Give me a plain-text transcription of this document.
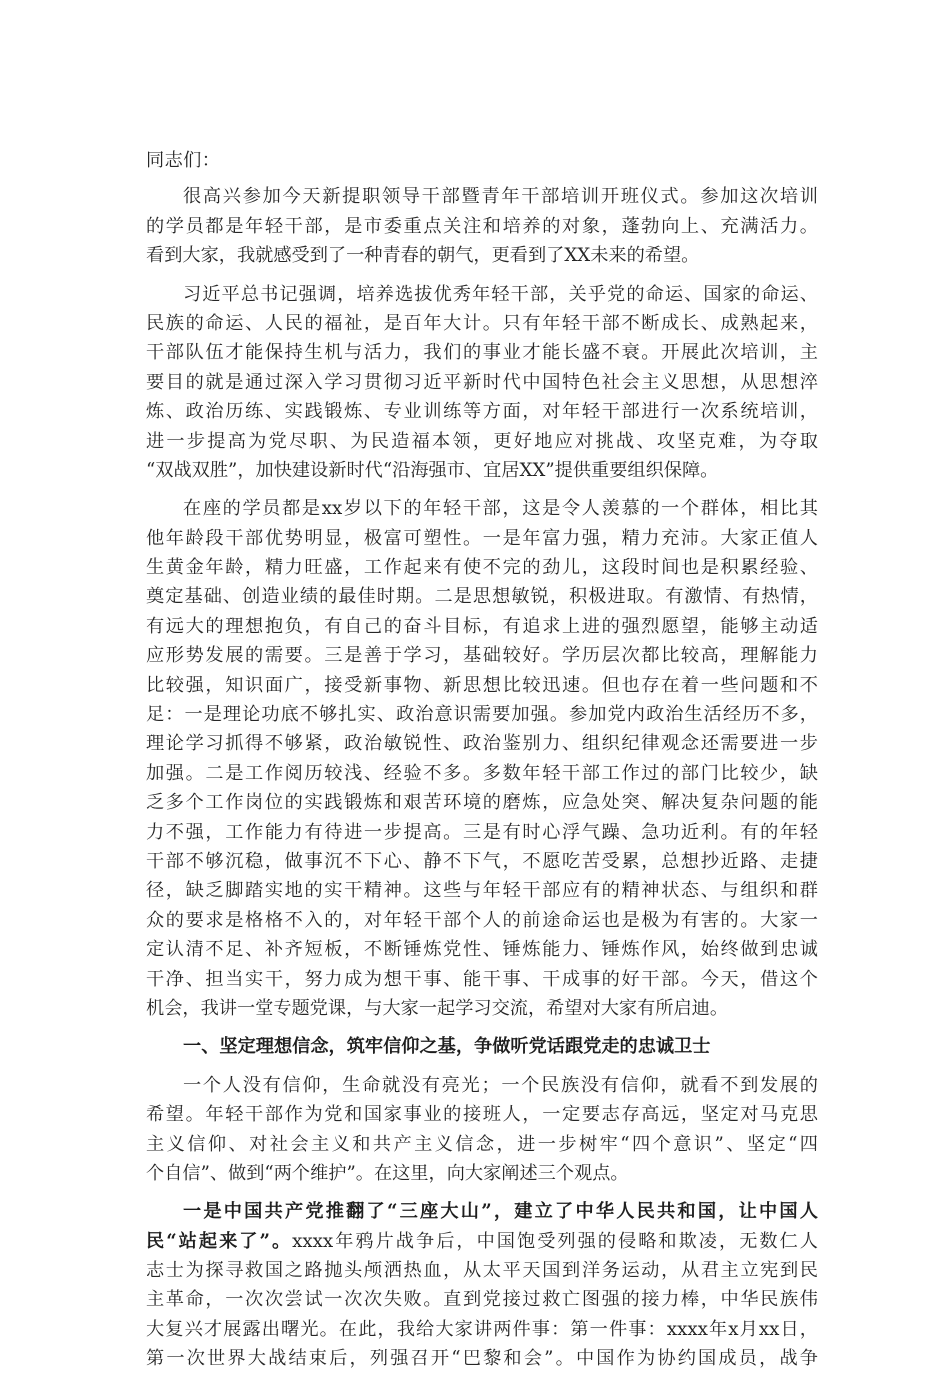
同志们：
很高兴参加今天新提职领导干部暨青年干部培训开班仪式。参加这次培训
的学员都是年轻干部，是市委重点关注和培养的对象，蓬勃向上、充满活力。
看到大家，我就感受到了一种青春的朝气，更看到了XX未来的希望。
习近平总书记强调，培养选拔优秀年轻干部，关乎党的命运、国家的命运、
民族的命运、人民的福祉，是百年大计。只有年轻干部不断成长、成熟起来，
干部队伍才能保持生机与活力，我们的事业才能长盛不衰。开展此次培训，主
要目的就是通过深入学习贯彻习近平新时代中国特色社会主义思想，从思想淬
炼、政治历练、实践锻炼、专业训练等方面，对年轻干部进行一次系统培训，
进一步提高为党尽职、为民造福本领，更好地应对挑战、攻坚克难，为夺取
“双战双胜”，加快建设新时代“沿海强市、宜居XX”提供重要组织保障。
在座的学员都是xx岁以下的年轻干部，这是令人羡慕的一个群体，相比其
他年龄段干部优势明显，极富可塑性。一是年富力强，精力充沛。大家正值人
生黄金年龄，精力旺盛，工作起来有使不完的劲儿，这段时间也是积累经验、
奠定基础、创造业绩的最佳时期。二是思想敏锐，积极进取。有激情、有热情，
有远大的理想抱负，有自己的奋斗目标，有追求上进的强烈愿望，能够主动适
应形势发展的需要。三是善于学习，基础较好。学历层次都比较高，理解能力
比较强，知识面广，接受新事物、新思想比较迅速。但也存在着一些问题和不
足：一是理论功底不够扎实、政治意识需要加强。参加党内政治生活经历不多，
理论学习抓得不够紧，政治敏锐性、政治鉴别力、组织纪律观念还需要进一步
加强。二是工作阅历较浅、经验不多。多数年轻干部工作过的部门比较少，缺
乏多个工作岗位的实践锻炼和艰苦环境的磨炼，应急处突、解决复杂问题的能
力不强，工作能力有待进一步提高。三是有时心浮气躁、急功近利。有的年轻
干部不够沉稳，做事沉不下心、静不下气，不愿吃苦受累，总想抄近路、走捷
径，缺乏脚踏实地的实干精神。这些与年轻干部应有的精神状态、与组织和群
众的要求是格格不入的，对年轻干部个人的前途命运也是极为有害的。大家一
定认清不足、补齐短板，不断锤炼党性、锤炼能力、锤炼作风，始终做到忠诚
干净、担当实干，努力成为想干事、能干事、干成事的好干部。今天，借这个
机会，我讲一堂专题党课，与大家一起学习交流，希望对大家有所启迪。
一、坚定理想信念，筑牢信仰之基，争做听党话跟党走的忠诚卫士
一个人没有信仰，生命就没有亮光；一个民族没有信仰，就看不到发展的
希望。年轻干部作为党和国家事业的接班人，一定要志存高远，坚定对马克思
主义信仰、对社会主义和共产主义信念，进一步树牢“四个意识”、坚定“四
个自信”、做到“两个维护”。在这里，向大家阐述三个观点。
一是中国共产党推翻了“三座大山”，建立了中华人民共和国，让中国人
民“站起来了”。xxxx年鸦片战争后，中国饱受列强的侵略和欺凌，无数仁人
志士为探寻救国之路抛头颅洒热血，从太平天国到洋务运动，从君主立宪到民
主革命，一次次尝试一次次失败。直到党接过救亡图强的接力棒，中华民族伟
大复兴才展露出曙光。在此，我给大家讲两件事：第一件事：xxxx年x月xx日，
第一次世界大战结束后，列强召开“巴黎和会”。中国作为协约国成员，战争
